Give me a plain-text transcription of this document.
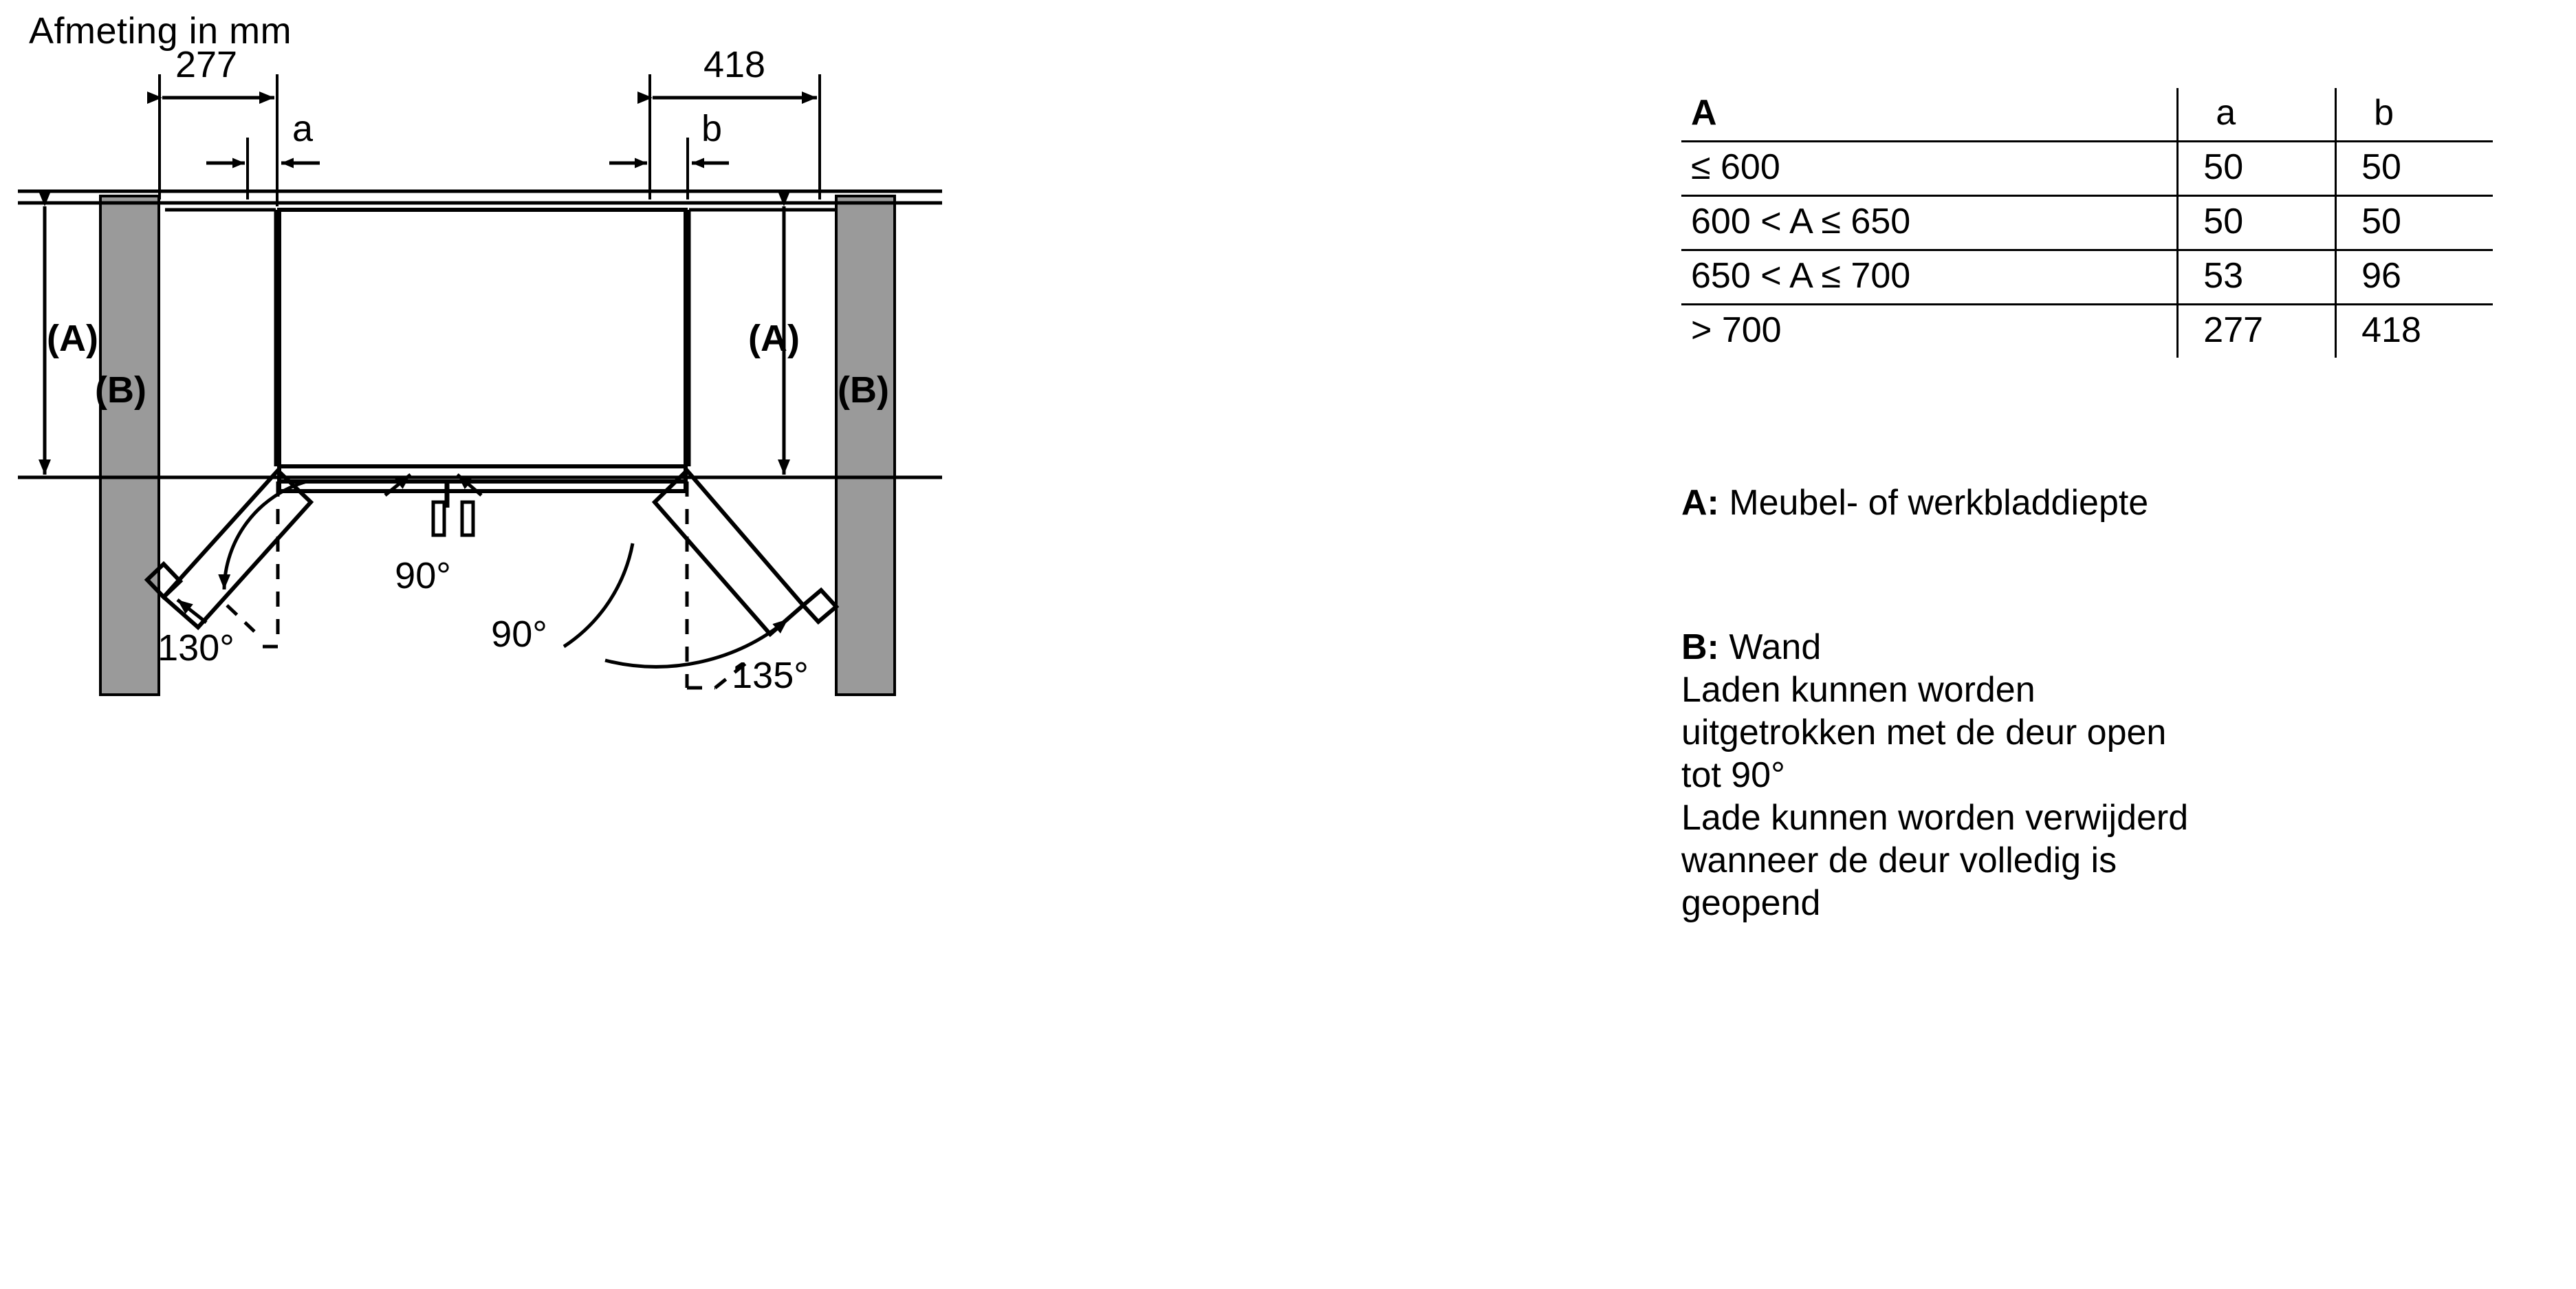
Afmeting in mm
277
a
418
b
90°
90°
130°
135°
(A)
(B)
(A)
(B)
A	a	b
≤ 600	50	50
600 < A ≤ 650	50	50
650 < A ≤ 700	53	96
> 700	277	418
A: Meubel- of werkbladdiepte
B: Wand
Laden kunnen worden
uitgetrokken met de deur open
tot 90°
Lade kunnen worden verwijderd
wanneer de deur volledig is
geopend
